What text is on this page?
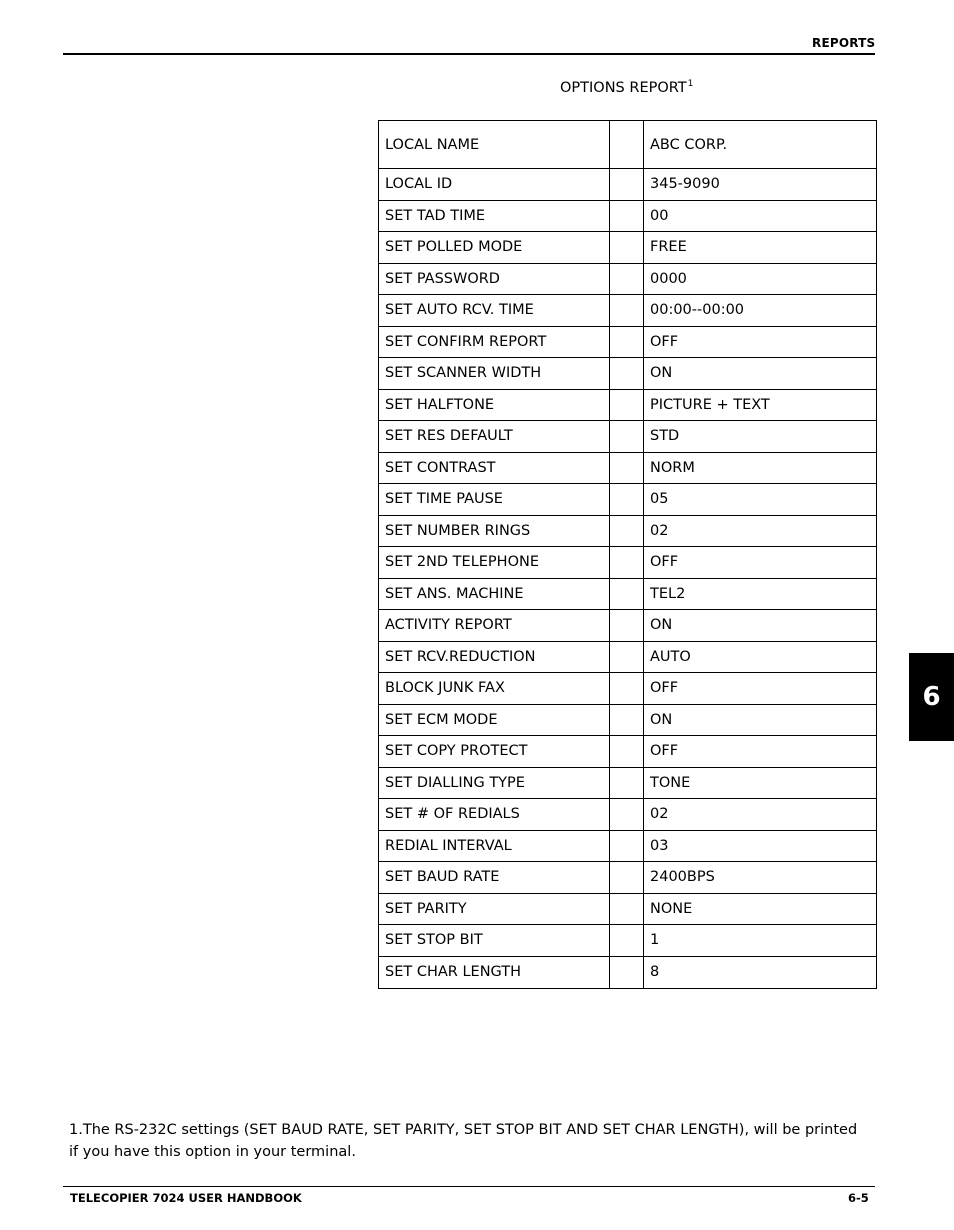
REPORTS
OPTIONS REPORT$^1$
LOCAL NAME	ABC CORP.
LOCAL ID	345-9090
SET TAD TIME	00
SET POLLED MODE	FREE
SET PASSWORD	0000
SET AUTO RCV. TIME	00:00--00:00
SET CONFIRM REPORT	OFF
SET SCANNER WIDTH	ON
SET HALFTONE	PICTURE + TEXT
SET RES DEFAULT	STD
SET CONTRAST	NORM
SET TIME PAUSE	05
SET NUMBER RINGS	02
SET 2ND TELEPHONE	OFF
SET ANS. MACHINE	TEL2
ACTIVITY REPORT	ON
SET RCV.REDUCTION	AUTO
BLOCK JUNK FAX	OFF
SET ECM MODE	ON
SET COPY PROTECT	OFF
SET DIALLING TYPE	TONE
SET # OF REDIALS	02
REDIAL INTERVAL	03
SET BAUD RATE	2400BPS
SET PARITY	NONE
SET STOP BIT	1
SET CHAR LENGTH	8
6
1.The RS-232C settings (SET BAUD RATE, SET PARITY, SET STOP BIT AND SET CHAR LENGTH), will be printed if you have this option in your terminal.
TELECOPIER 7024 USER HANDBOOK	6-5
